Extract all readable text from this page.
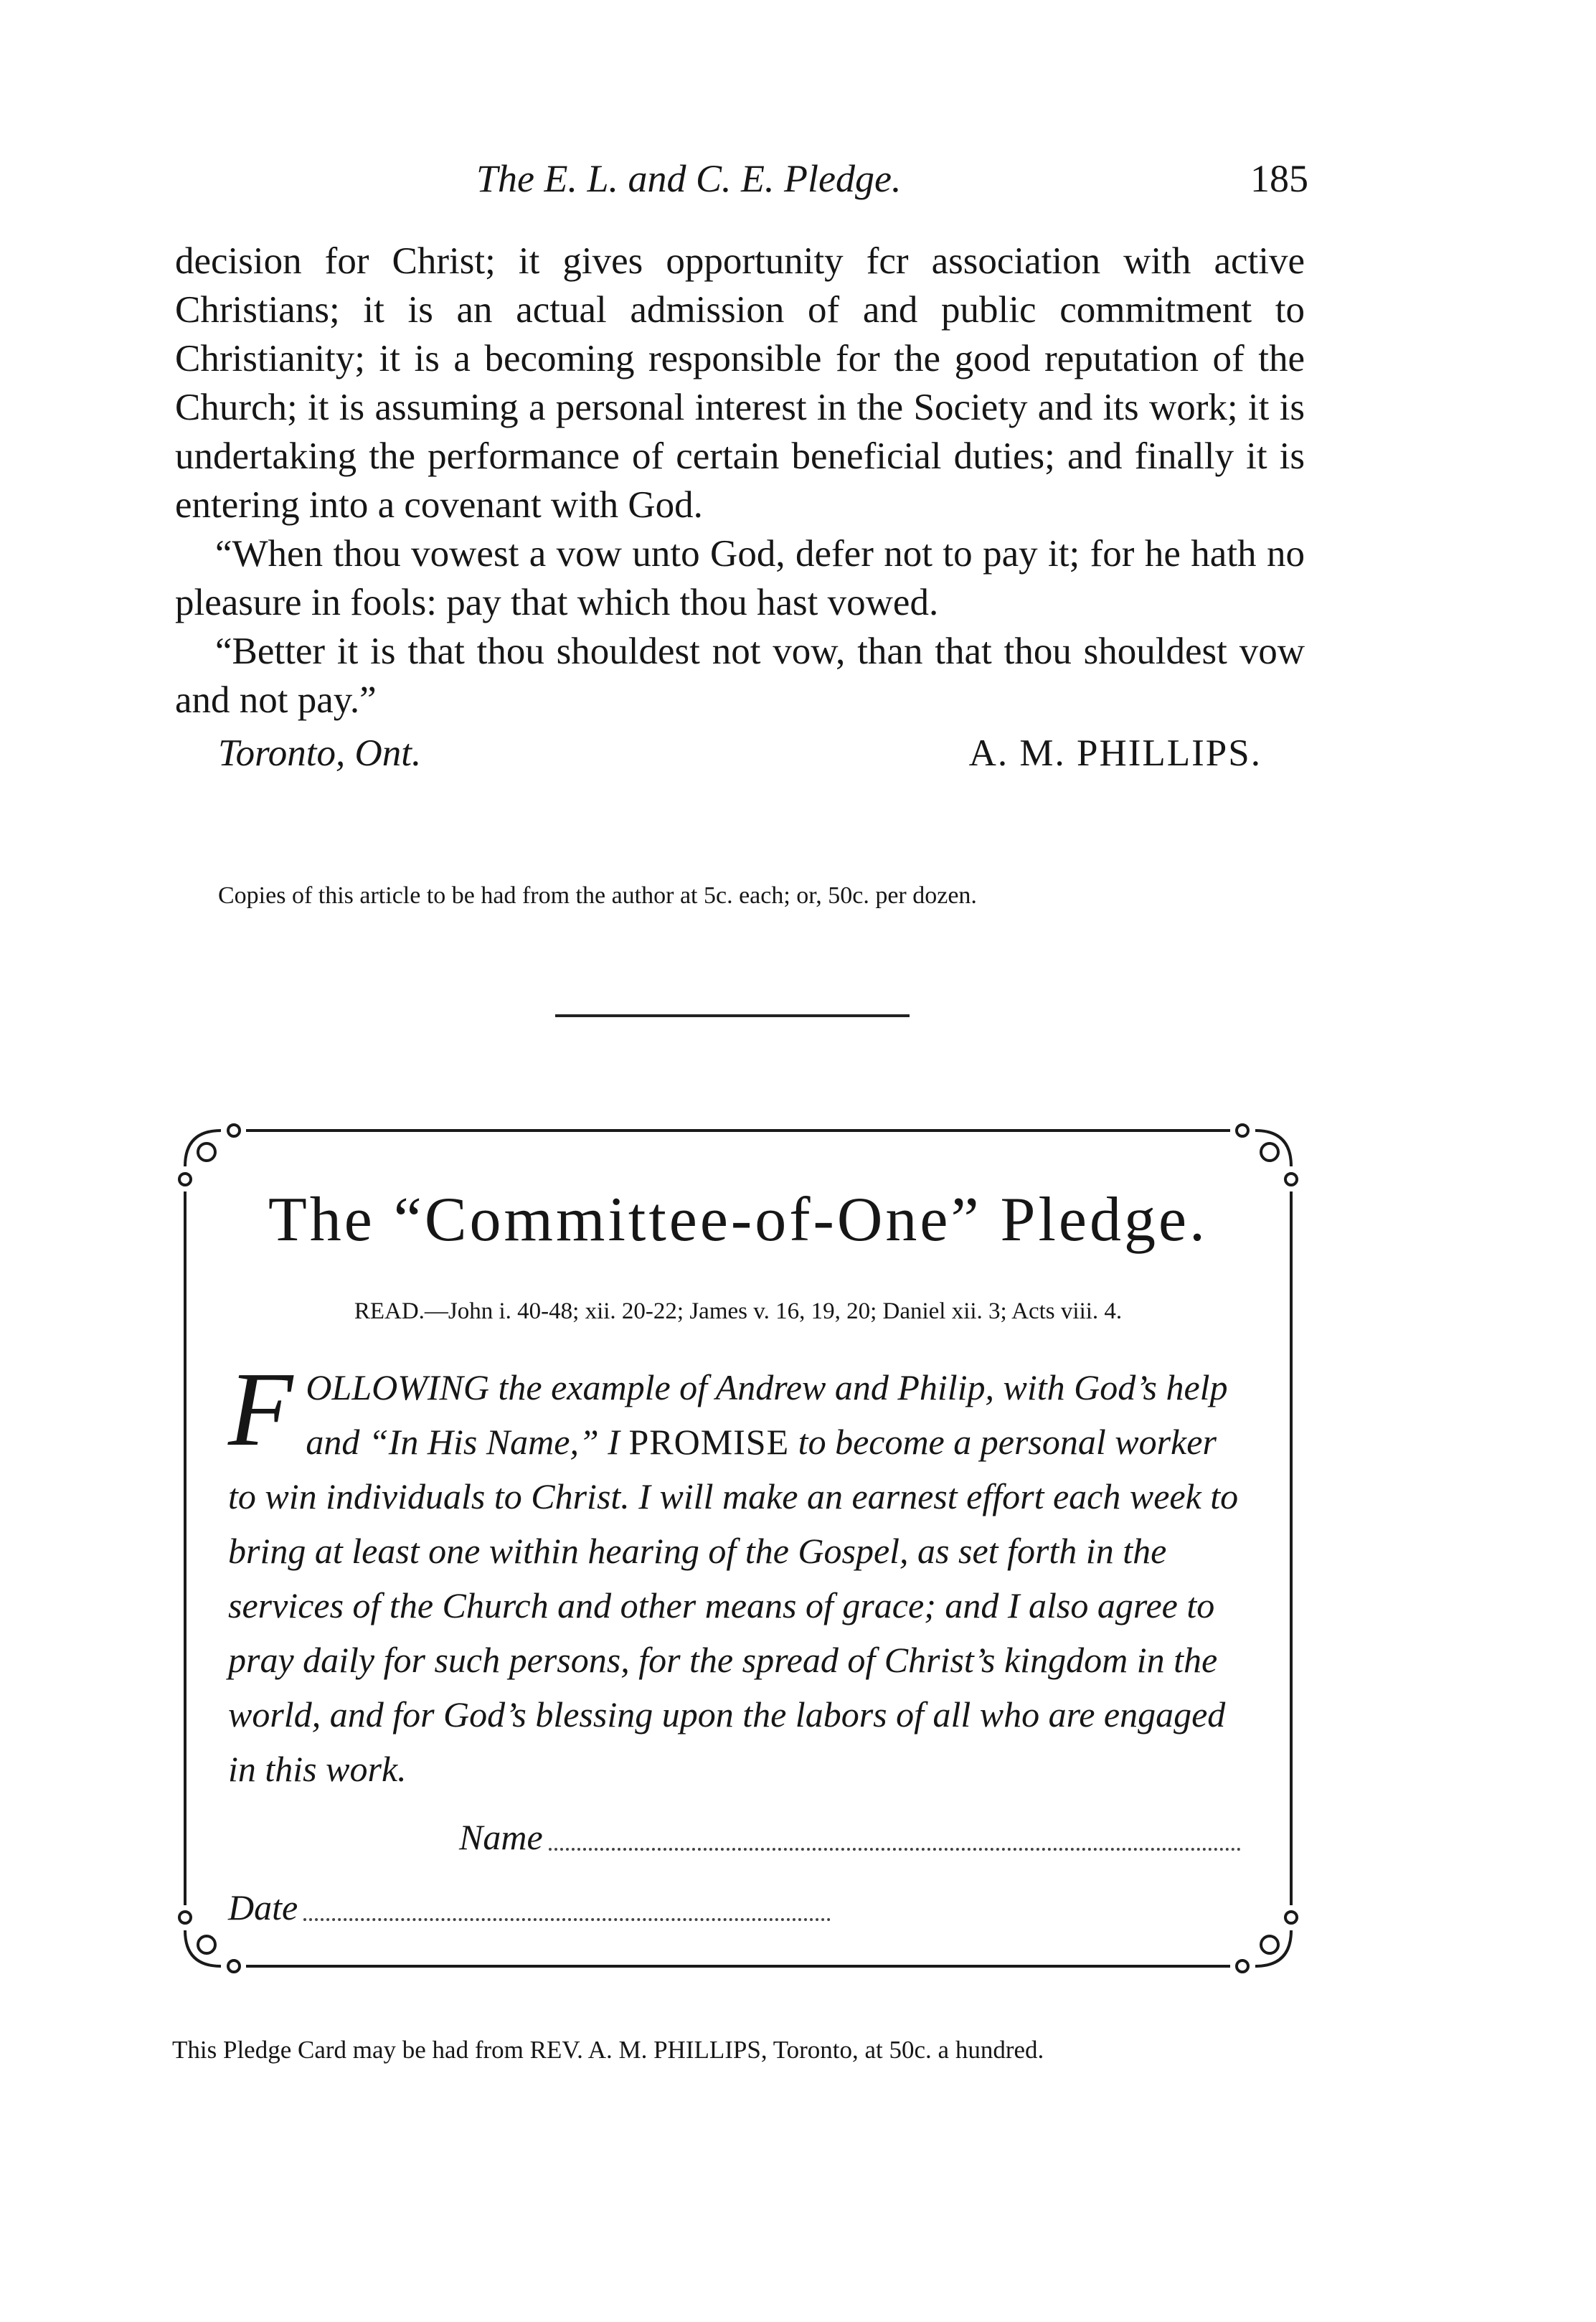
The E. L. and C. E. Pledge.	185

decision for Christ; it gives opportunity fcr association with active Christians; it is an actual admission of and public commitment to Christianity; it is a becoming responsible for the good reputation of the Church; it is assuming a personal interest in the Society and its work; it is undertaking the performance of certain beneficial duties; and finally it is entering into a covenant with God.

“When thou vowest a vow unto God, defer not to pay it; for he hath no pleasure in fools: pay that which thou hast vowed.

“Better it is that thou shouldest not vow, than that thou shouldest vow and not pay.”

Toronto, Ont.	A. M. PHILLIPS.
Copies of this article to be had from the author at 5c. each; or, 50c. per dozen.
The “Committee-of-One” Pledge.
READ.—John i. 40-48; xii. 20-22; James v. 16, 19, 20; Daniel xii. 3; Acts viii. 4.
FOLLOWING the example of Andrew and Philip, with God’s help and “In His Name,” I PROMISE to become a personal worker to win individuals to Christ. I will make an earnest effort each week to bring at least one within hearing of the Gospel, as set forth in the services of the Church and other means of grace; and I also agree to pray daily for such persons, for the spread of Christ’s kingdom in the world, and for God’s blessing upon the labors of all who are engaged in this work.
Name
Date
This Pledge Card may be had from REV. A. M. PHILLIPS, Toronto, at 50c. a hundred.
